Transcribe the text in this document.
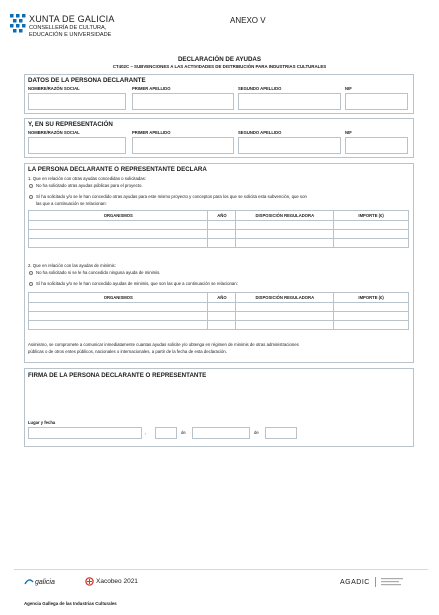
XUNTA DE GALICIA
CONSELLERÍA DE CULTURA,
EDUCACIÓN E UNIVERSIDADE
ANEXO V
DECLARACIÓN DE AYUDAS
CT402C – SUBVENCIONES A LAS ACTIVIDADES DE DISTRIBUCIÓN PARA INDUSTRIAS CULTURALES
DATOS DE LA PERSONA DECLARANTE
NOMBRE/RAZÓN SOCIAL	PRIMER APELLIDO	SEGUNDO APELLIDO	NIF
Y, EN SU REPRESENTACIÓN
NOMBRE/RAZÓN SOCIAL	PRIMER APELLIDO	SEGUNDO APELLIDO	NIF
LA PERSONA DECLARANTE O REPRESENTANTE DECLARA
1. Que en relación con otras ayudas concedidas o solicitadas:
No ha solicitado otras ayudas públicas para el proyecto.
Sí ha solicitado y/o se le han concedido otras ayudas para este mismo proyecto y conceptos para los que se solicita esta subvención, que son
las que a continuación se relacionan:
ORGANISMOS	AÑO	DISPOSICIÓN REGULADORA	IMPORTE (€)

2. Que en relación con las ayudas de minimis:
No ha solicitado ni se le ha concedido ninguna ayuda de minimis.
Sí ha solicitado y/o se le han concedido ayudas de minimis, que son las que a continuación se relacionan:
ORGANISMOS	AÑO	DISPOSICIÓN REGULADORA	IMPORTE (€)

Asimismo, se compromete a comunicar inmediatamente cuantas ayudas solicite y/o obtenga en régimen de minimis de otras administraciones
públicas o de otros entes públicos, nacionales o internacionales, a partir de la fecha de esta declaración.
FIRMA DE LA PERSONA DECLARANTE O REPRESENTANTE
Lugar y fecha
,	de	de
galicia	Xacobeo 2021	AGADIC
Agencia Gallega de las Industrias Culturales
